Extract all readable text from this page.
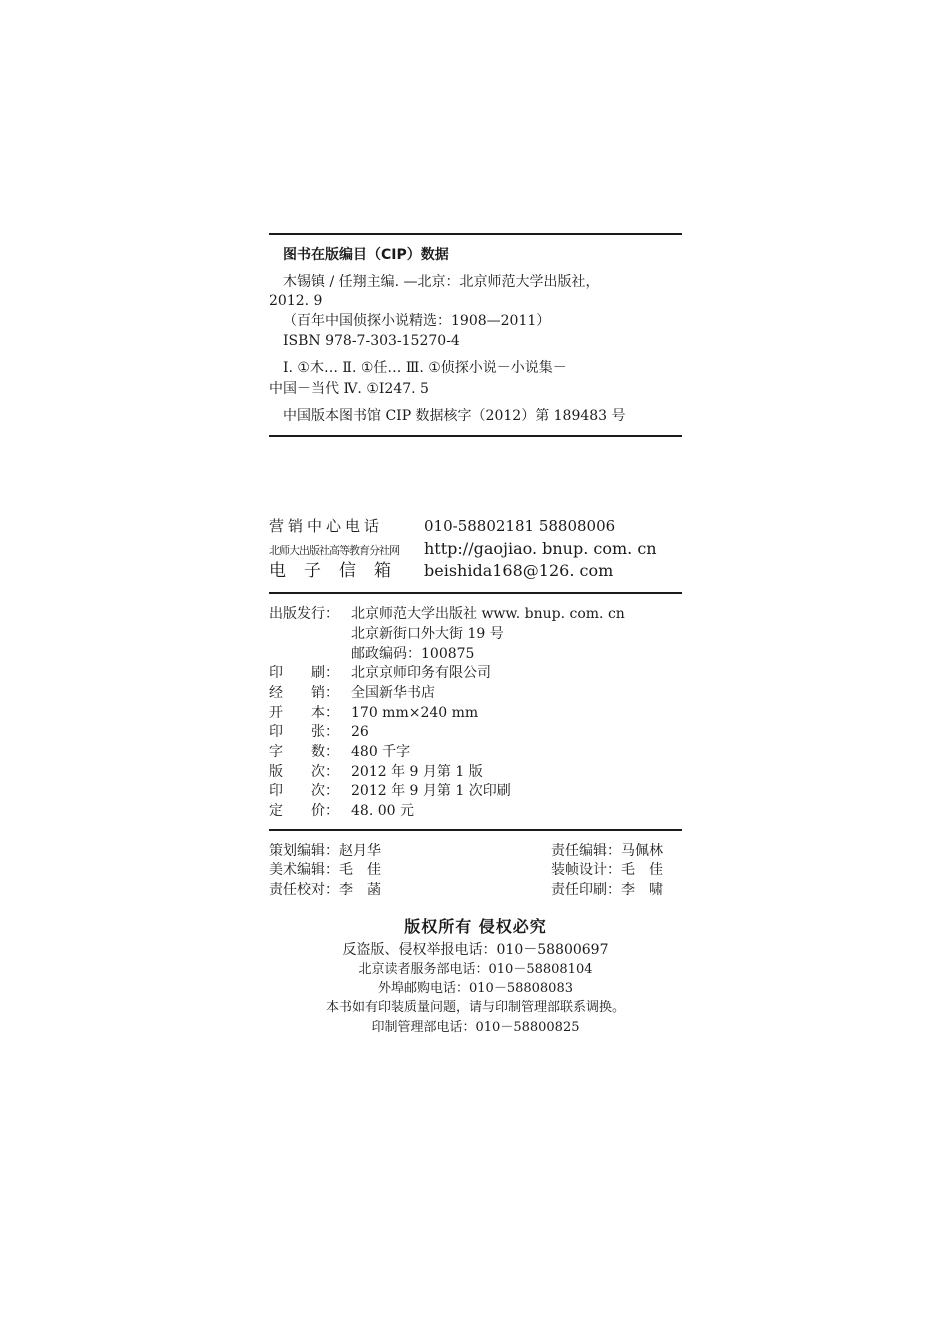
图书在版编目（CIP）数据
木锡镇 / 任翔主编. —北京：北京师范大学出版社，
2012. 9
（百年中国侦探小说精选：1908—2011）
ISBN 978-7-303-15270-4
Ⅰ. ①木… Ⅱ. ①任… Ⅲ. ①侦探小说－小说集－
中国－当代 Ⅳ. ①I247. 5
中国版本图书馆 CIP 数据核字（2012）第 189483 号
营销中心电话	010-58802181 58808006
北师大出版社高等教育分社网 http://gaojiao. bnup. com. cn
电子信箱 beishida168@126. com
出版发行： 北京师范大学出版社 www. bnup. com. cn
北京新街口外大街 19 号
邮政编码：100875
印　　刷： 北京京师印务有限公司
经　　销： 全国新华书店
开　　本： 170 mm×240 mm
印　　张： 26
字　　数： 480 千字
版　　次： 2012 年 9 月第 1 版
印　　次： 2012 年 9 月第 1 次印刷
定　　价： 48. 00 元
策划编辑：赵月华
美术编辑：毛　佳
责任校对：李　菡
责任编辑：马佩林
装帧设计：毛　佳
责任印刷：李　啸
版权所有 侵权必究
反盗版、侵权举报电话：010－58800697
北京读者服务部电话：010－58808104
外埠邮购电话：010－58808083
本书如有印装质量问题，请与印制管理部联系调换。
印制管理部电话：010－58800825
